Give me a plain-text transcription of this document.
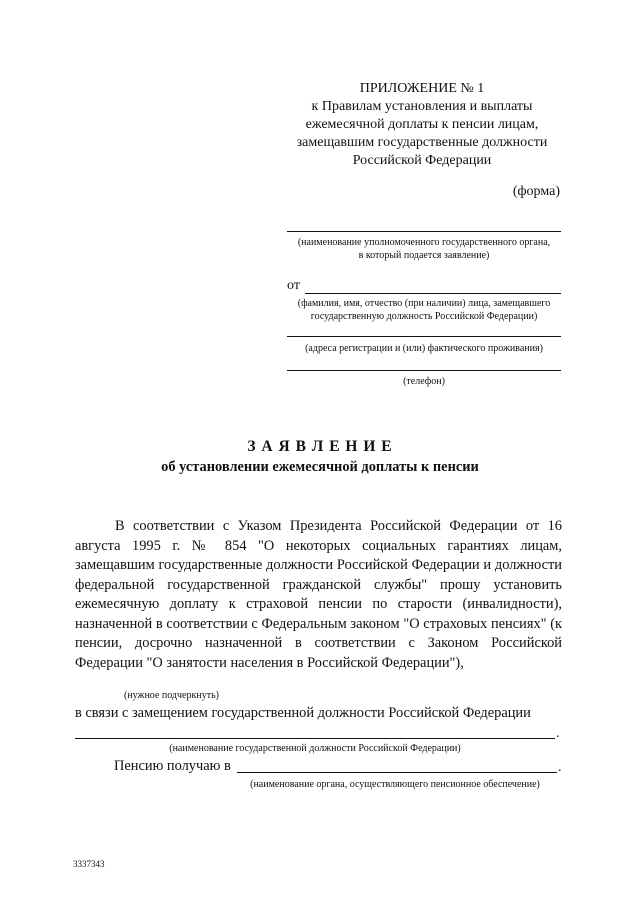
ПРИЛОЖЕНИЕ № 1
к Правилам установления и выплаты
ежемесячной доплаты к пенсии лицам,
замещавшим государственные должности
Российской Федерации
(форма)
(наименование уполномоченного государственного органа,
в который подается заявление)
от
(фамилия, имя, отчество (при наличии) лица, замещавшего
государственную должность Российской Федерации)
(адреса регистрации и (или) фактического проживания)
(телефон)
З А Я В Л Е Н И Е
об установлении ежемесячной доплаты к пенсии
В соответствии с Указом Президента Российской Федерации от 16 августа 1995 г. № 854 "О некоторых социальных гарантиях лицам, замещавшим государственные должности Российской Федерации и должности федеральной государственной гражданской службы" прошу установить ежемесячную доплату к страховой пенсии по старости (инвалидности), назначенной в соответствии с Федеральным законом "О страховых пенсиях" (к пенсии, досрочно назначенной в соответствии с Законом Российской Федерации "О занятости населения в Российской Федерации"),
(нужное подчеркнуть)
в связи с замещением государственной должности Российской Федерации
.
(наименование государственной должности Российской Федерации)
Пенсию получаю в	.
(наименование органа, осуществляющего пенсионное обеспечение)
3337343
